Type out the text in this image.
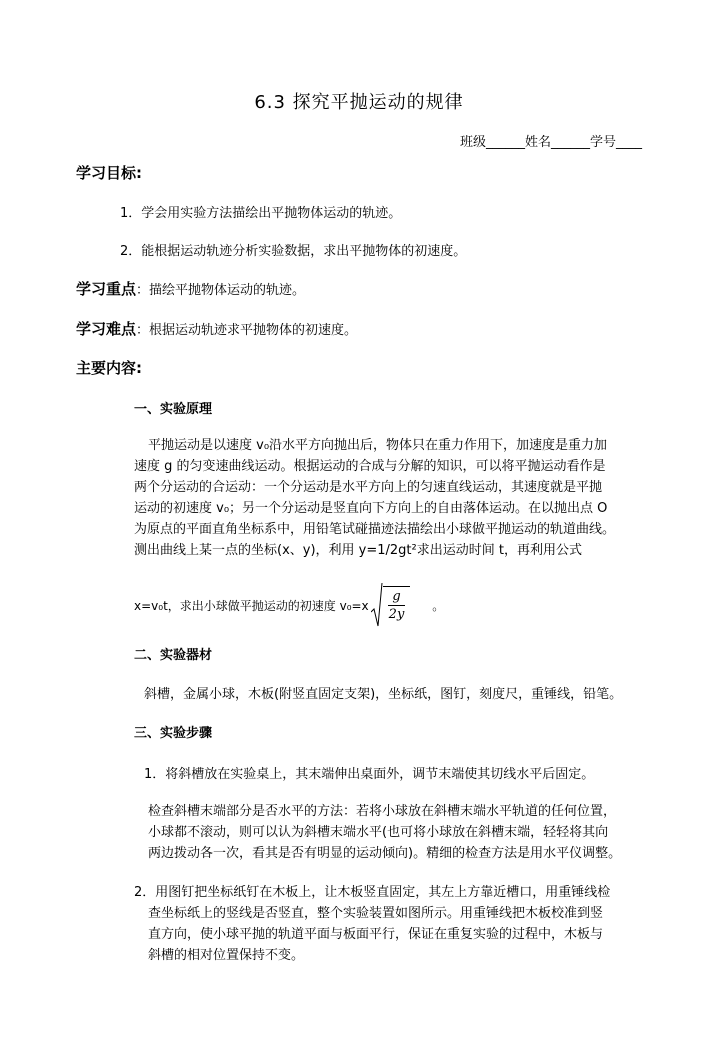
6.3 探究平抛运动的规律
班级______姓名______学号____
学习目标:
1．学会用实验方法描绘出平抛物体运动的轨迹。
2．能根据运动轨迹分析实验数据，求出平抛物体的初速度。
学习重点：描绘平抛物体运动的轨迹。
学习难点：根据运动轨迹求平抛物体的初速度。
主要内容:
一、实验原理
平抛运动是以速度 v₀沿水平方向抛出后，物体只在重力作用下，加速度是重力加
速度 g 的匀变速曲线运动。根据运动的合成与分解的知识，可以将平抛运动看作是
两个分运动的合运动：一个分运动是水平方向上的匀速直线运动，其速度就是平抛
运动的初速度 v₀；另一个分运动是竖直向下方向上的自由落体运动。在以抛出点 O
为原点的平面直角坐标系中，用铅笔试碰描迹法描绘出小球做平抛运动的轨道曲线。
测出曲线上某一点的坐标(x、y)，利用 y=1/2gt²求出运动时间 t，再利用公式
x=v₀t，求出小球做平抛运动的初速度 $v_0=x \frac{g}{2y}$ 。
二、实验器材
斜槽，金属小球，木板(附竖直固定支架)，坐标纸，图钉，刻度尺，重锤线，铅笔。
三、实验步骤
1．将斜槽放在实验桌上，其末端伸出桌面外，调节末端使其切线水平后固定。
检查斜槽末端部分是否水平的方法：若将小球放在斜槽末端水平轨道的任何位置，
小球都不滚动，则可以认为斜槽末端水平(也可将小球放在斜槽末端，轻轻将其向
两边拨动各一次，看其是否有明显的运动倾向)。精细的检查方法是用水平仪调整。
2．用图钉把坐标纸钉在木板上，让木板竖直固定，其左上方靠近槽口，用重锤线检
查坐标纸上的竖线是否竖直，整个实验装置如图所示。用重锤线把木板校准到竖
直方向，使小球平抛的轨道平面与板面平行，保证在重复实验的过程中，木板与
斜槽的相对位置保持不变。
